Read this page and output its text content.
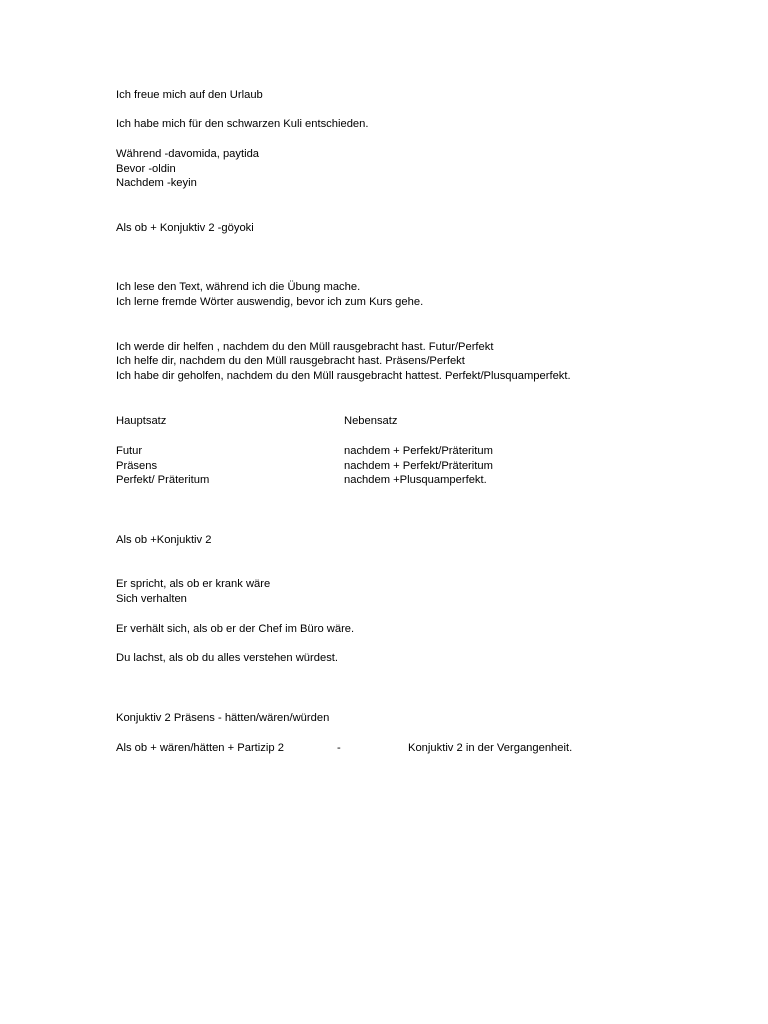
Ich freue mich auf den Urlaub
Ich habe mich für den schwarzen Kuli entschieden.
Während -davomida, paytida
Bevor -oldin
Nachdem -keyin
Als ob + Konjuktiv 2 -göyoki
Ich lese den Text, während ich die Übung mache.
Ich lerne fremde Wörter auswendig, bevor ich zum Kurs gehe.
Ich werde dir helfen , nachdem du den Müll rausgebracht hast. Futur/Perfekt
Ich helfe dir, nachdem du den Müll rausgebracht hast. Präsens/Perfekt
Ich habe dir geholfen, nachdem du den Müll rausgebracht hattest. Perfekt/Plusquamperfekt.
Hauptsatz	Nebensatz
Futur	nachdem + Perfekt/Präteritum
Präsens	nachdem + Perfekt/Präteritum
Perfekt/ Präteritum	nachdem +Plusquamperfekt.
Als ob +Konjuktiv 2
Er spricht, als ob er krank wäre
Sich verhalten
Er verhält sich, als ob er der Chef im Büro wäre.
Du lachst, als ob du alles verstehen würdest.
Konjuktiv 2 Präsens - hätten/wären/würden
Als ob + wären/hätten + Partizip 2	-	Konjuktiv 2 in der Vergangenheit.
